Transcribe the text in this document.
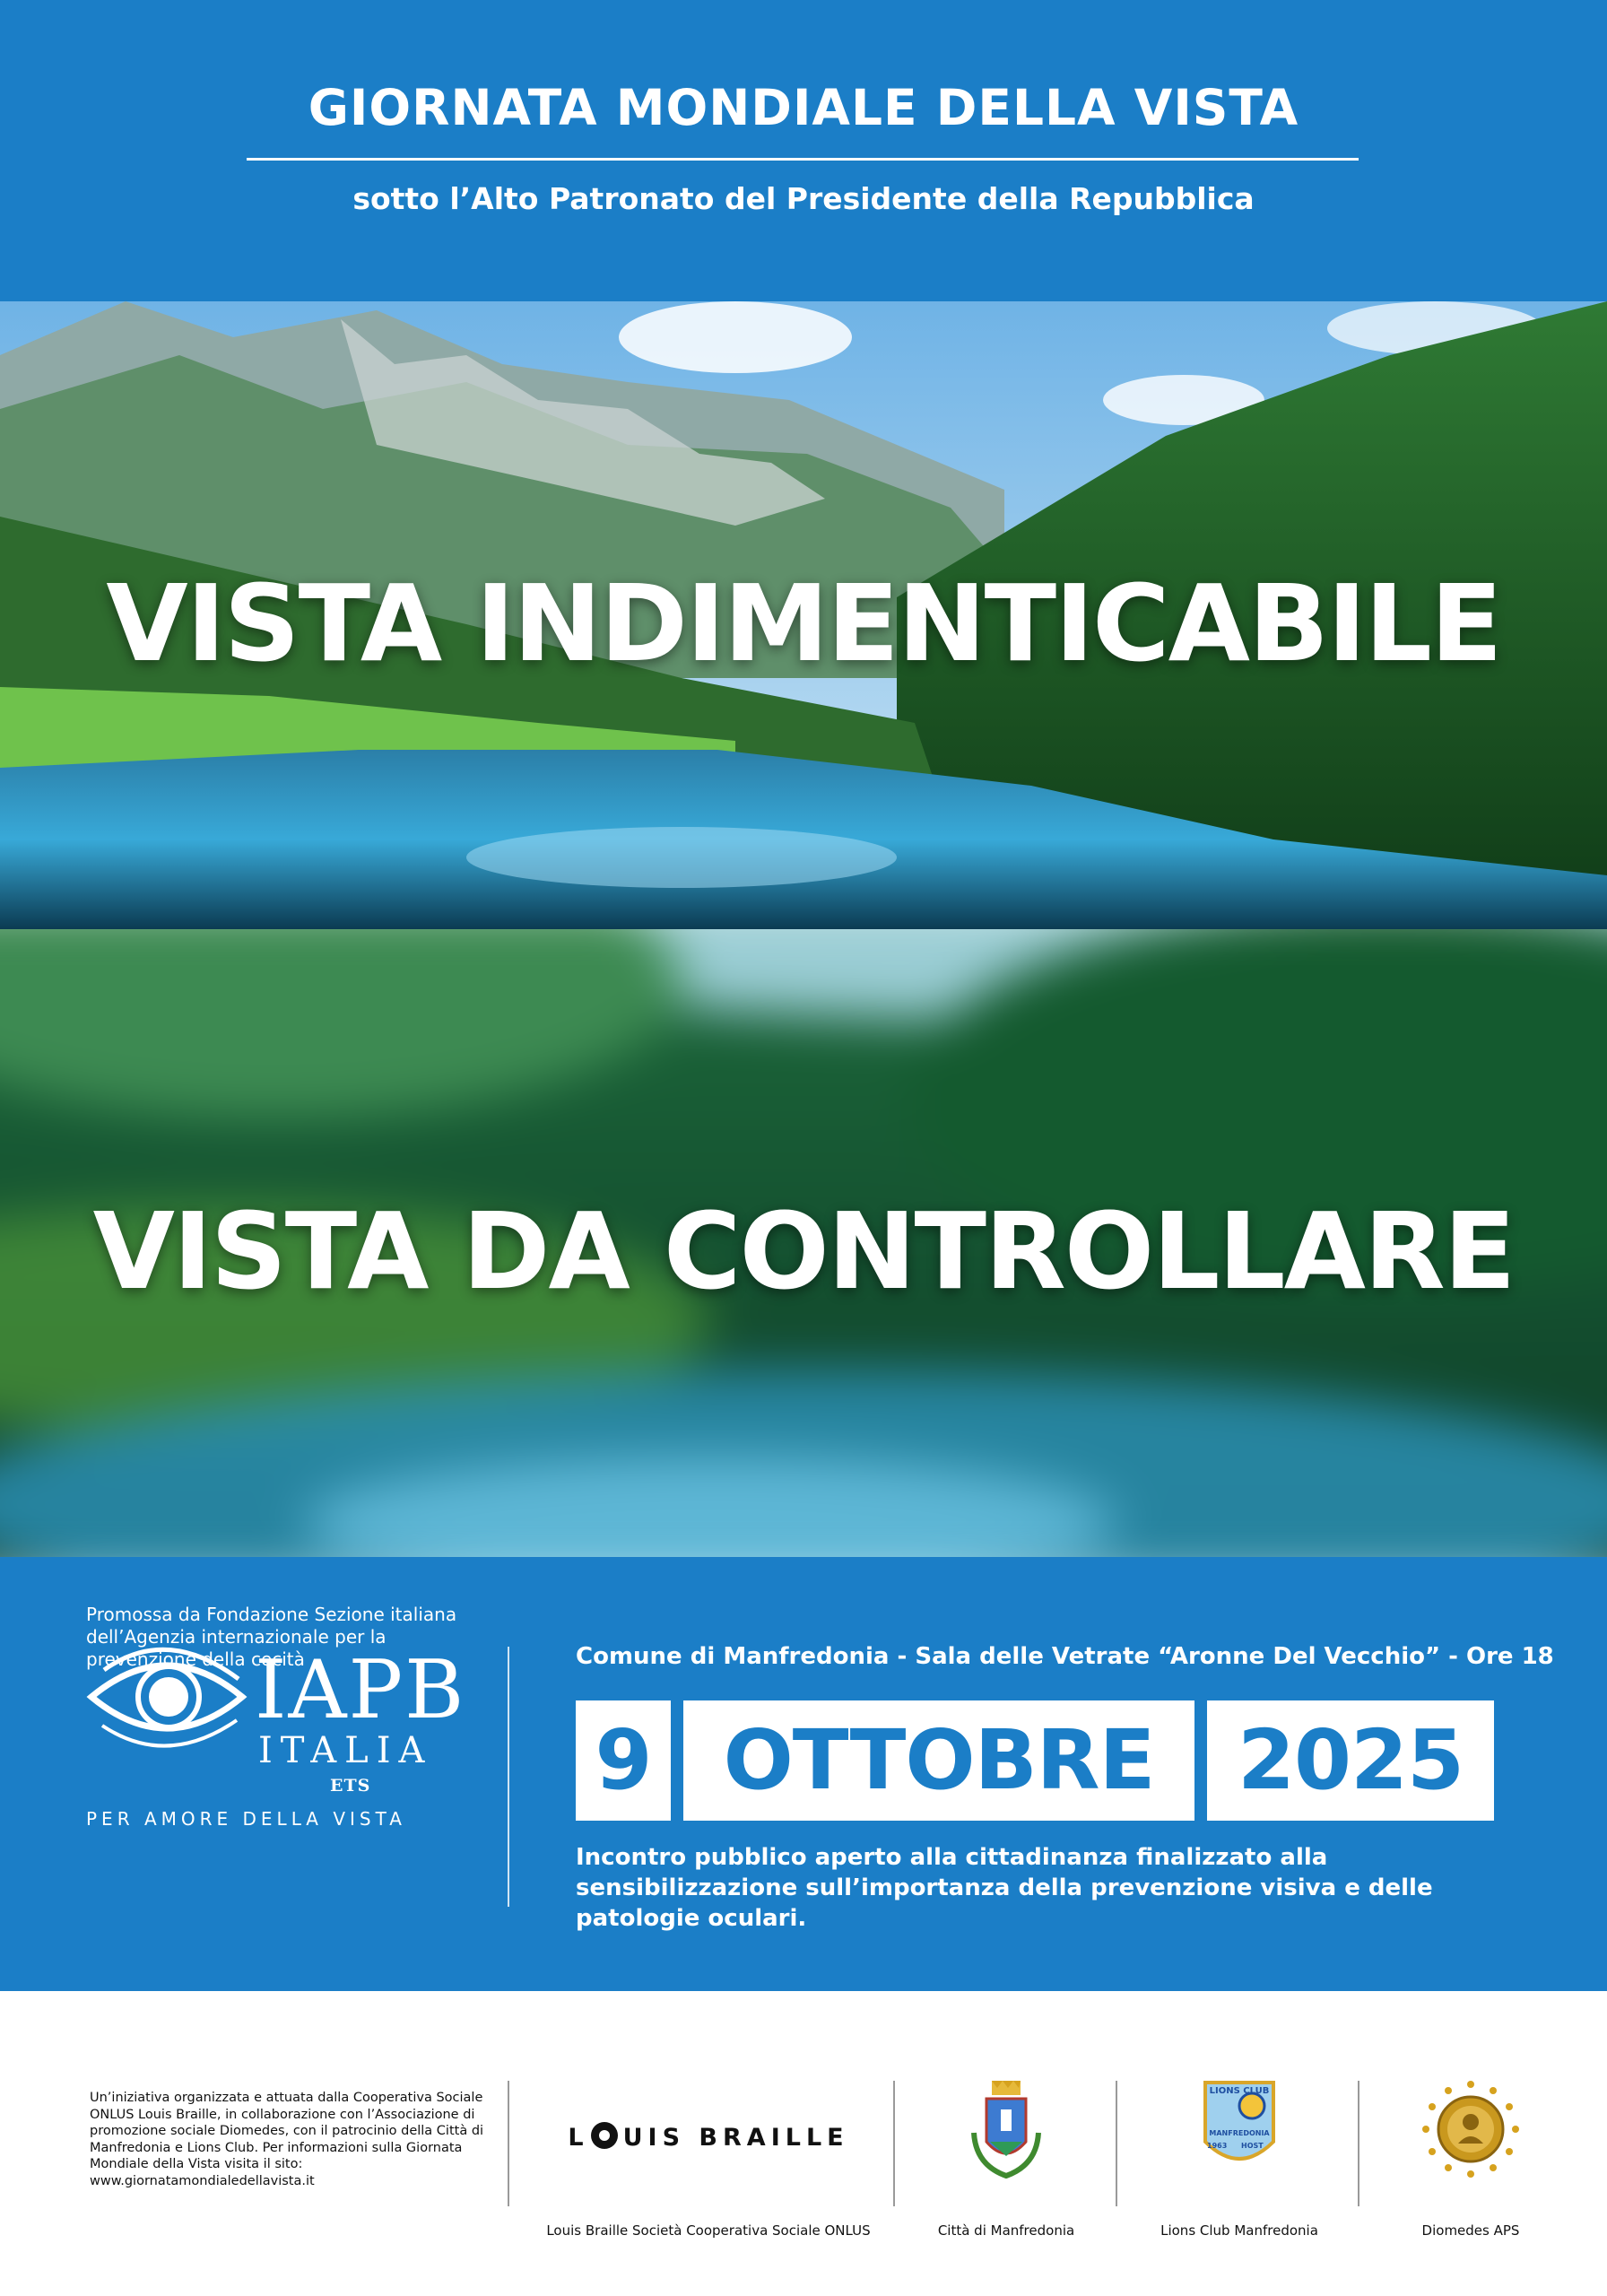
GIORNATA MONDIALE DELLA VISTA
sotto l’Alto Patronato del Presidente della Repubblica
VISTA INDIMENTICABILE
VISTA DA CONTROLLARE
IAPB
ITALIA
ETS
PER AMORE DELLA VISTA
Comune di Manfredonia - Sala delle Vetrate “Aronne Del Vecchio” - Ore 18
9 OTTOBRE	2025
Incontro pubblico aperto alla cittadinanza finalizzato alla sensibilizzazione sull’importanza della prevenzione visiva e delle patologie oculari.
Promossa da Fondazione Sezione italiana dell’Agenzia internazionale per la prevenzione della cecità
Un’iniziativa organizzata e attuata dalla Cooperativa Sociale ONLUS Louis Braille, in collaborazione con l’Associazione di promozione sociale Diomedes, con il patrocinio della Città di Manfredonia e Lions Club. Per informazioni sulla Giornata Mondiale della Vista visita il sito: www.giornatamondialedellavista.it
L UIS BRAILLE
Louis Braille Società Cooperativa Sociale ONLUS	Città di Manfredonia
LIONS CLUB
MANFREDONIA
1963	HOST
Lions Club Manfredonia	Diomedes APS
